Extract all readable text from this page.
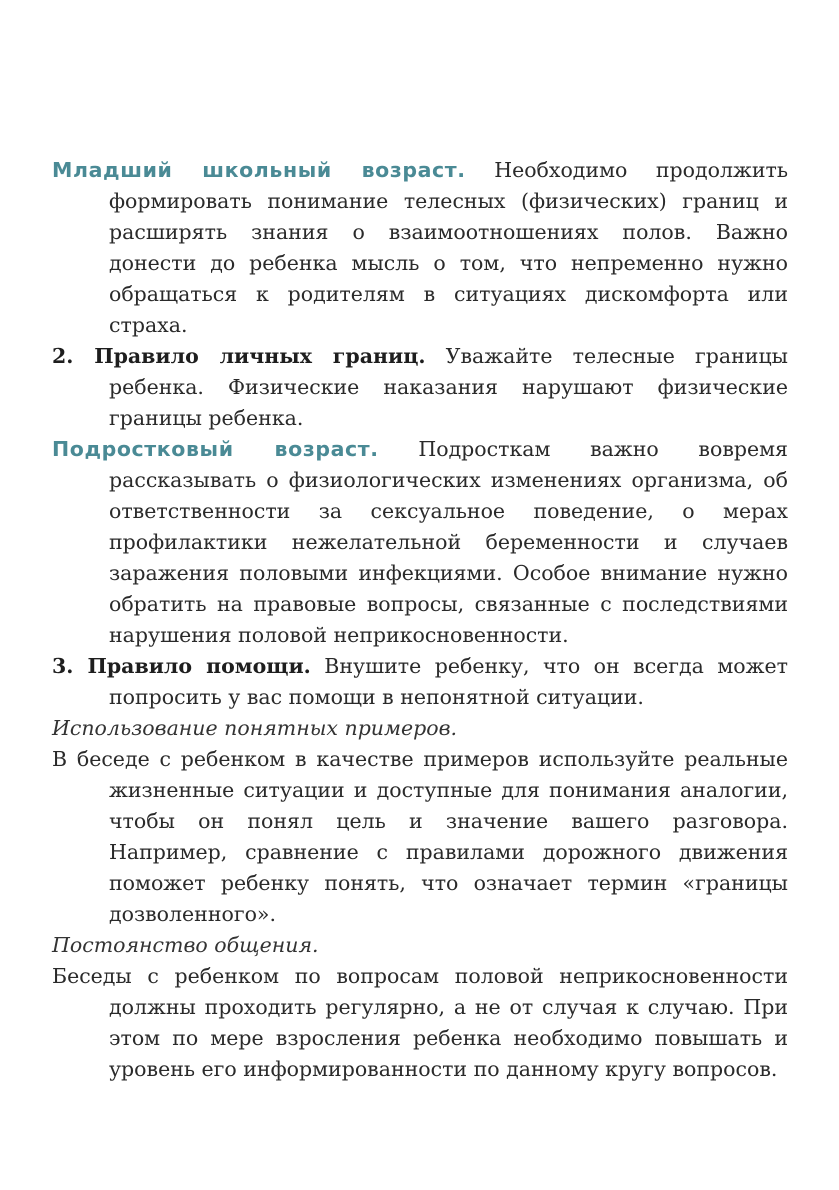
Младший школьный возраст. Необходимо продолжить формировать понимание телесных (физических) границ и расширять знания о взаимоотношениях полов. Важно донести до ребенка мысль о том, что непременно нужно обращаться к родителям в ситуациях дискомфорта или страха.

2. Правило личных границ. Уважайте телесные границы ребенка. Физические наказания нарушают физические границы ребенка.

Подростковый возраст. Подросткам важно вовремя рассказывать о физиологических изменениях организма, об ответственности за сексуальное поведение, о мерах профилактики нежелательной беременности и случаев заражения половыми инфекциями. Особое внимание нужно обратить на правовые вопросы, связанные с последствиями нарушения половой неприкосновенности.

3. Правило помощи. Внушите ребенку, что он всегда может попросить у вас помощи в непонятной ситуации.

Использование понятных примеров.

В беседе с ребенком в качестве примеров используйте реальные жизненные ситуации и доступные для понимания аналогии, чтобы он понял цель и значение вашего разговора. Например, сравнение с правилами дорожного движения поможет ребенку понять, что означает термин «границы дозволенного».

Постоянство общения.

Беседы с ребенком по вопросам половой неприкосновенности должны проходить регулярно, а не от случая к случаю. При этом по мере взросления ребенка необходимо повышать и уровень его информированности по данному кругу вопросов.
